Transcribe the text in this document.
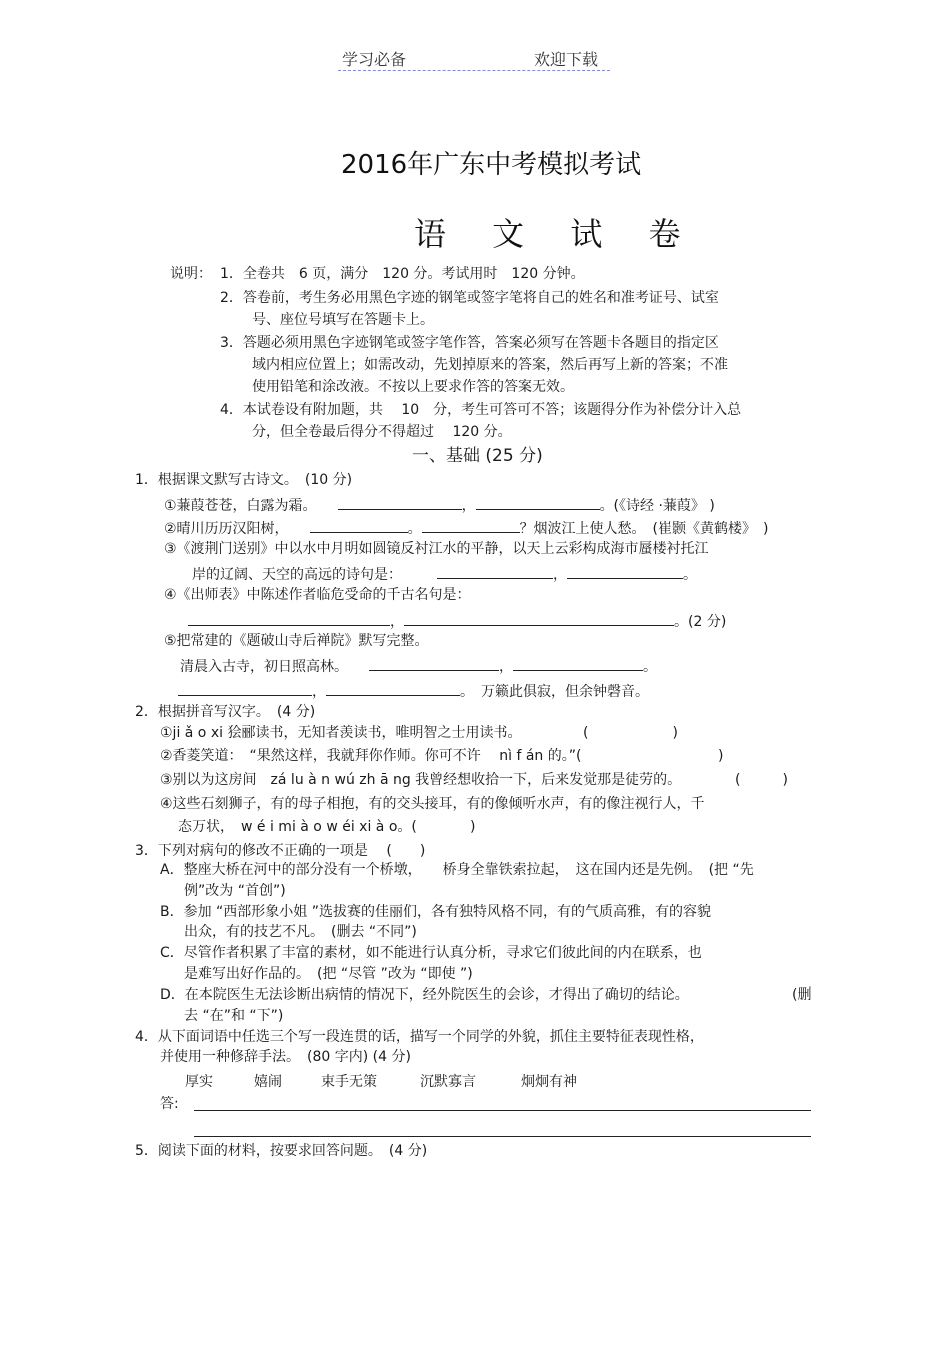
学习必备	欢迎下载
2016年广东中考模拟考试
语 文 试 卷
说明： 1．全卷共　6 页，满分　120 分。考试用时　120 分钟。
2．答卷前，考生务必用黑色字迹的钢笔或签字笔将自己的姓名和准考证号、试室
号、座位号填写在答题卡上。
3．答题必须用黑色字迹钢笔或签字笔作答，答案必须写在答题卡各题目的指定区
域内相应位置上；如需改动，先划掉原来的答案，然后再写上新的答案；不准
使用铅笔和涂改液。不按以上要求作答的答案无效。
4．本试卷设有附加题，共　 10　分，考生可答可不答；该题得分作为补偿分计入总
分，但全卷最后得分不得超过　 120 分。
一、基础 (25 分)
1．根据课文默写古诗文。　(10 分)
①蒹葭苍苍，白露为霜。　　	，	。(《诗经 ·蒹葭》 )
②晴川历历汉阳树，　　	。	？烟波江上使人愁。　(崔颢《黄鹤楼》　)
③《渡荆门送别》中以水中月明如圆镜反衬江水的平静，以天上云彩构成海市蜃楼衬托江
岸的辽阔、天空的高远的诗句是：　　　	，	。
④《出师表》中陈述作者临危受命的千古名句是：
，	。(2 分)
⑤把常建的《题破山寺后禅院》默写完整。
清晨入古寺，初日照高林。　　	，	。
，	。　万籁此俱寂，但余钟磬音。
2．根据拼音写汉字。　(4 分)
①ji ǎ o xi 狯郦读书，无知者羡读书，唯明智之士用读书。	(　　　　　　)
②香菱笑道：　“果然这样，我就拜你作师。你可不许　 nì f án 的。”(	)
③别以为这房间　zá lu à n wú zh ā ng 我曾经想收拾一下，后来发觉那是徒劳的。	(　　　)
④这些石刻狮子，有的母子相抱，有的交头接耳，有的像倾听水声，有的像注视行人，千
态万状，　w é i mi à o w éi xi à o。(	)
3．下列对病句的修改不正确的一项是　 (　　)
A．整座大桥在河中的部分没有一个桥墩，　　桥身全靠铁索拉起，　这在国内还是先例。　(把 “先
例”改为 “首创”)
B．参加 “西部形象小姐 ”选拔赛的佳丽们，各有独特风格不同，有的气质高雅，有的容貌
出众，有的技艺不凡。　(删去 “不同”)
C．尽管作者积累了丰富的素材，如不能进行认真分析，寻求它们彼此间的内在联系，也
是难写出好作品的。　(把 “尽管 ”改为 “即使 ”)
D．在本院医生无法诊断出病情的情况下，经外院医生的会诊，才得出了确切的结论。	(删
去 “在”和 “下”)
4．从下面词语中任选三个写一段连贯的话，描写一个同学的外貌，抓住主要特征表现性格，
并使用一种修辞手法。　(80 字内) (4 分)
厚实	嬉闹	束手无策	沉默寡言	炯炯有神
答:
5．阅读下面的材料，按要求回答问题。　(4 分)
